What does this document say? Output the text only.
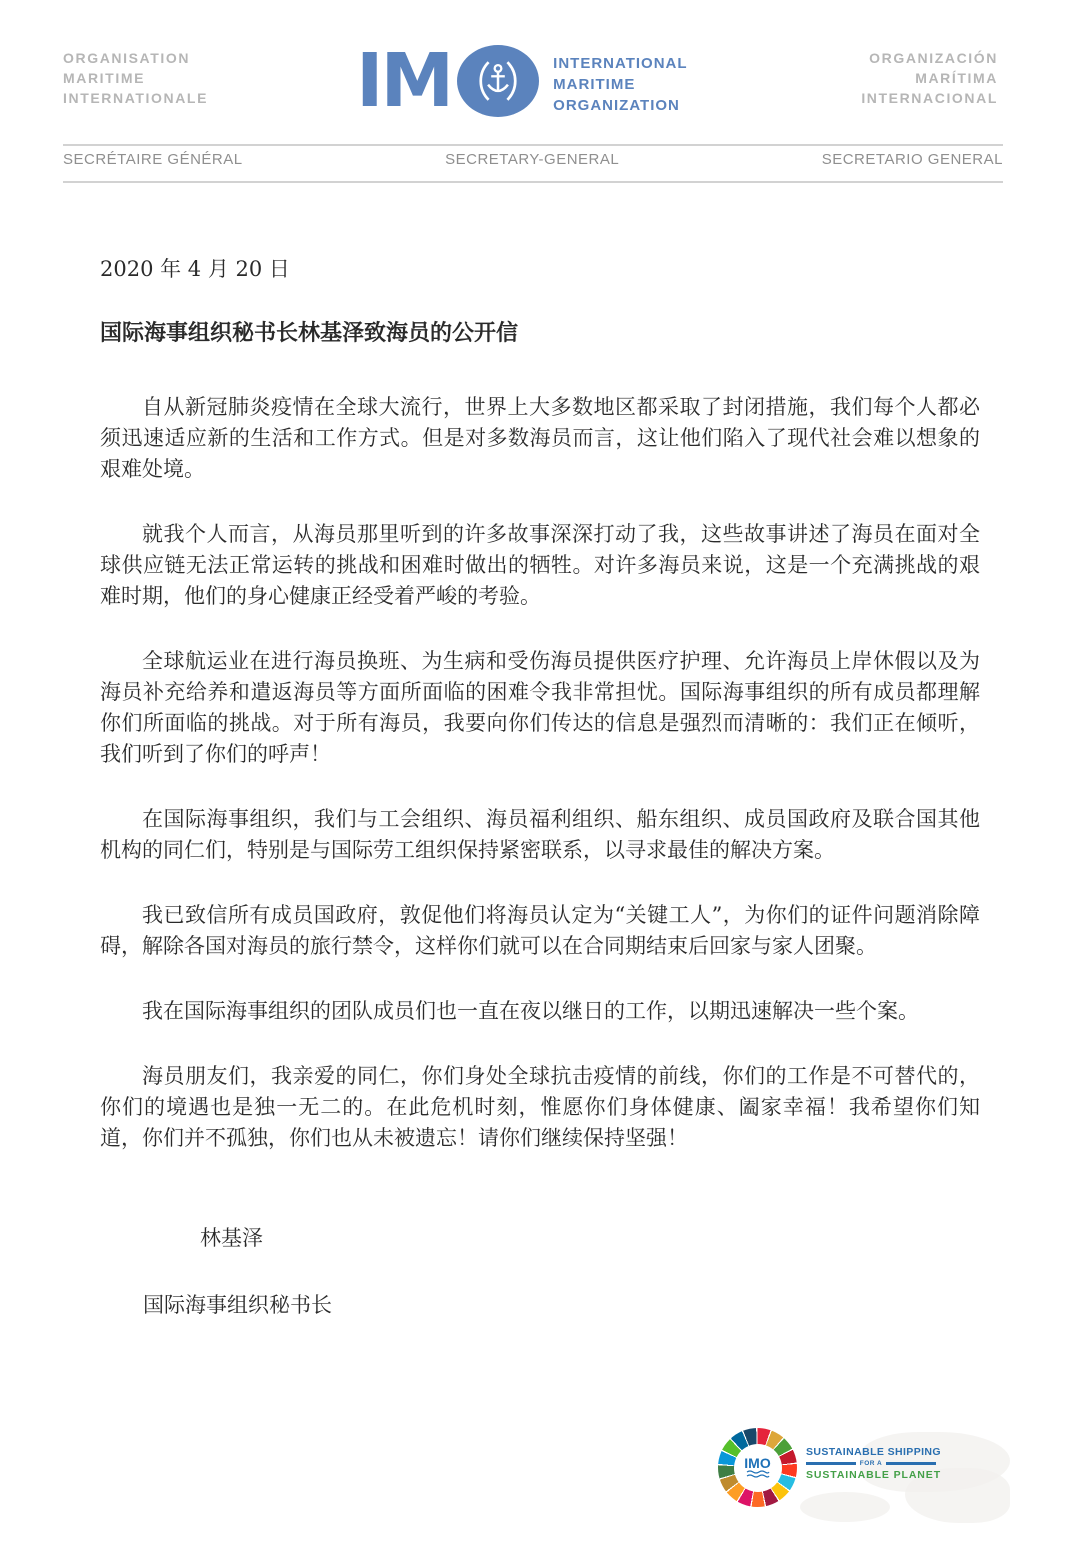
ORGANISATION
MARITIME
INTERNATIONALE IM	INTERNATIONAL
MARITIME
ORGANIZATION
ORGANIZACIÓN
MARÍTIMA
INTERNACIONAL
SECRÉTAIRE GÉNÉRAL	SECRETARY-GENERAL	SECRETARIO GENERAL
2020 年 4 月 20 日
国际海事组织秘书长林基泽致海员的公开信

自从新冠肺炎疫情在全球大流行，世界上大多数地区都采取了封闭措施，我们每个人都必须迅速适应新的生活和工作方式。但是对多数海员而言，这让他们陷入了现代社会难以想象的艰难处境。

就我个人而言，从海员那里听到的许多故事深深打动了我，这些故事讲述了海员在面对全球供应链无法正常运转的挑战和困难时做出的牺牲。对许多海员来说，这是一个充满挑战的艰难时期，他们的身心健康正经受着严峻的考验。

全球航运业在进行海员换班、为生病和受伤海员提供医疗护理、允许海员上岸休假以及为海员补充给养和遣返海员等方面所面临的困难令我非常担忧。国际海事组织的所有成员都理解你们所面临的挑战。对于所有海员，我要向你们传达的信息是强烈而清晰的：我们正在倾听，我们听到了你们的呼声！

在国际海事组织，我们与工会组织、海员福利组织、船东组织、成员国政府及联合国其他机构的同仁们，特别是与国际劳工组织保持紧密联系，以寻求最佳的解决方案。

我已致信所有成员国政府，敦促他们将海员认定为“关键工人”，为你们的证件问题消除障碍，解除各国对海员的旅行禁令，这样你们就可以在合同期结束后回家与家人团聚。

我在国际海事组织的团队成员们也一直在夜以继日的工作，以期迅速解决一些个案。

海员朋友们，我亲爱的同仁，你们身处全球抗击疫情的前线，你们的工作是不可替代的，你们的境遇也是独一无二的。在此危机时刻，惟愿你们身体健康、阖家幸福！我希望你们知道，你们并不孤独，你们也从未被遗忘！请你们继续保持坚强！

林基泽
国际海事组织秘书长
IMO
SUSTAINABLE SHIPPING
FOR A
SUSTAINABLE PLANET
